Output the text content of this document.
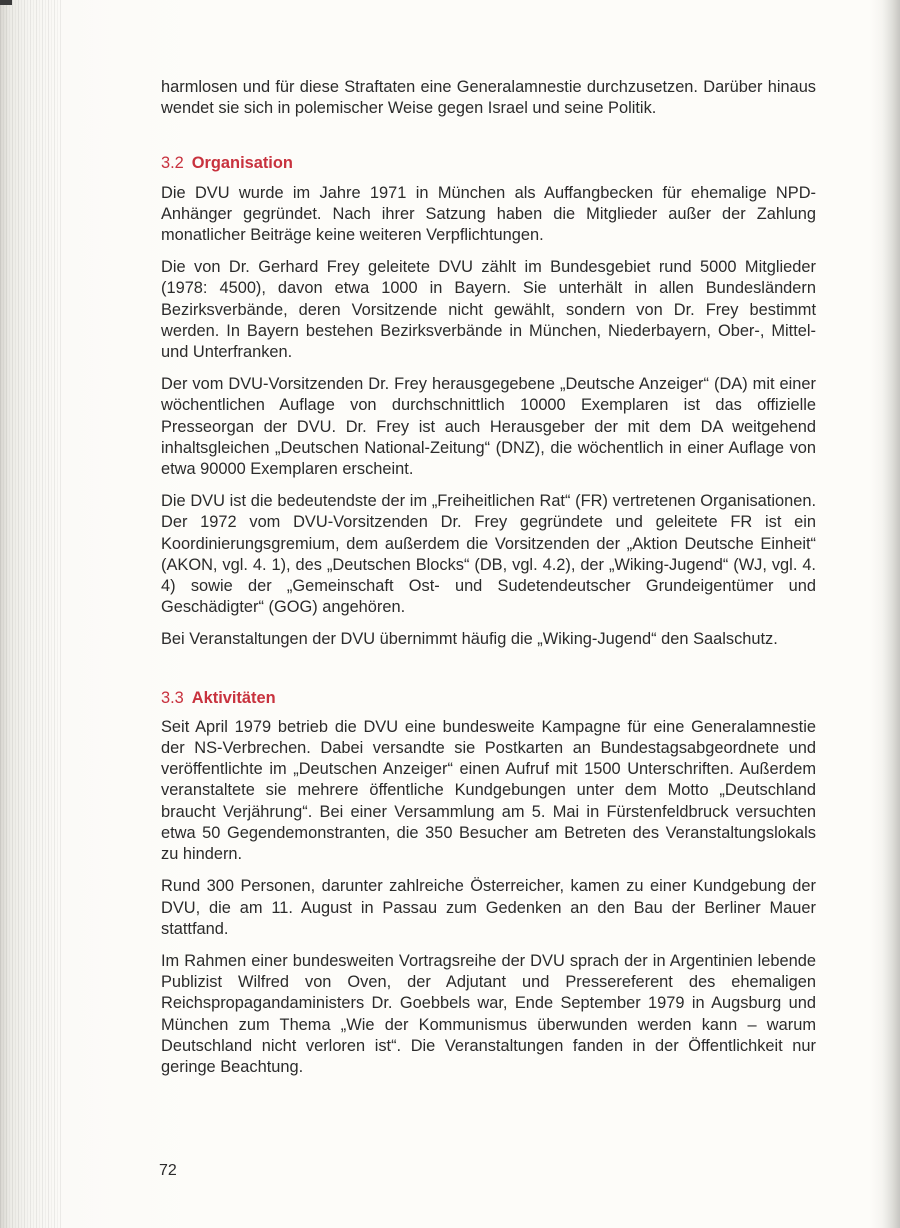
harmlosen und für diese Straftaten eine Generalamnestie durchzusetzen. Darüber hinaus wendet sie sich in polemischer Weise gegen Israel und seine Politik.

3.2 Organisation

Die DVU wurde im Jahre 1971 in München als Auffangbecken für ehemalige NPD-Anhänger gegründet. Nach ihrer Satzung haben die Mitglieder außer der Zahlung monatlicher Beiträge keine weiteren Verpflichtungen.

Die von Dr. Gerhard Frey geleitete DVU zählt im Bundesgebiet rund 5000 Mitglieder (1978: 4500), davon etwa 1000 in Bayern. Sie unterhält in allen Bundesländern Bezirksverbände, deren Vorsitzende nicht gewählt, sondern von Dr. Frey bestimmt werden. In Bayern bestehen Bezirksverbände in München, Niederbayern, Ober-, Mittel- und Unterfranken.

Der vom DVU-Vorsitzenden Dr. Frey herausgegebene „Deutsche Anzeiger“ (DA) mit einer wöchentlichen Auflage von durchschnittlich 10000 Exemplaren ist das offizielle Presseorgan der DVU. Dr. Frey ist auch Herausgeber der mit dem DA weitgehend inhaltsgleichen „Deutschen National-Zeitung“ (DNZ), die wöchentlich in einer Auflage von etwa 90000 Exemplaren erscheint.

Die DVU ist die bedeutendste der im „Freiheitlichen Rat“ (FR) vertretenen Organisationen. Der 1972 vom DVU-Vorsitzenden Dr. Frey gegründete und geleitete FR ist ein Koordinierungsgremium, dem außerdem die Vorsitzenden der „Aktion Deutsche Einheit“ (AKON, vgl. 4. 1), des „Deutschen Blocks“ (DB, vgl. 4.2), der „Wiking-Jugend“ (WJ, vgl. 4. 4) sowie der „Gemeinschaft Ost- und Sudetendeutscher Grundeigentümer und Geschädigter“ (GOG) angehören.

Bei Veranstaltungen der DVU übernimmt häufig die „Wiking-Jugend“ den Saalschutz.

3.3 Aktivitäten

Seit April 1979 betrieb die DVU eine bundesweite Kampagne für eine Generalamnestie der NS-Verbrechen. Dabei versandte sie Postkarten an Bundestagsabgeordnete und veröffentlichte im „Deutschen Anzeiger“ einen Aufruf mit 1500 Unterschriften. Außerdem veranstaltete sie mehrere öffentliche Kundgebungen unter dem Motto „Deutschland braucht Verjährung“. Bei einer Versammlung am 5. Mai in Fürstenfeldbruck versuchten etwa 50 Gegendemonstranten, die 350 Besucher am Betreten des Veranstaltungslokals zu hindern.

Rund 300 Personen, darunter zahlreiche Österreicher, kamen zu einer Kundgebung der DVU, die am 11. August in Passau zum Gedenken an den Bau der Berliner Mauer stattfand.

Im Rahmen einer bundesweiten Vortragsreihe der DVU sprach der in Argentinien lebende Publizist Wilfred von Oven, der Adjutant und Pressereferent des ehemaligen Reichspropagandaministers Dr. Goebbels war, Ende September 1979 in Augsburg und München zum Thema „Wie der Kommunismus überwunden werden kann – warum Deutschland nicht verloren ist“. Die Veranstaltungen fanden in der Öffentlichkeit nur geringe Beachtung.

72
